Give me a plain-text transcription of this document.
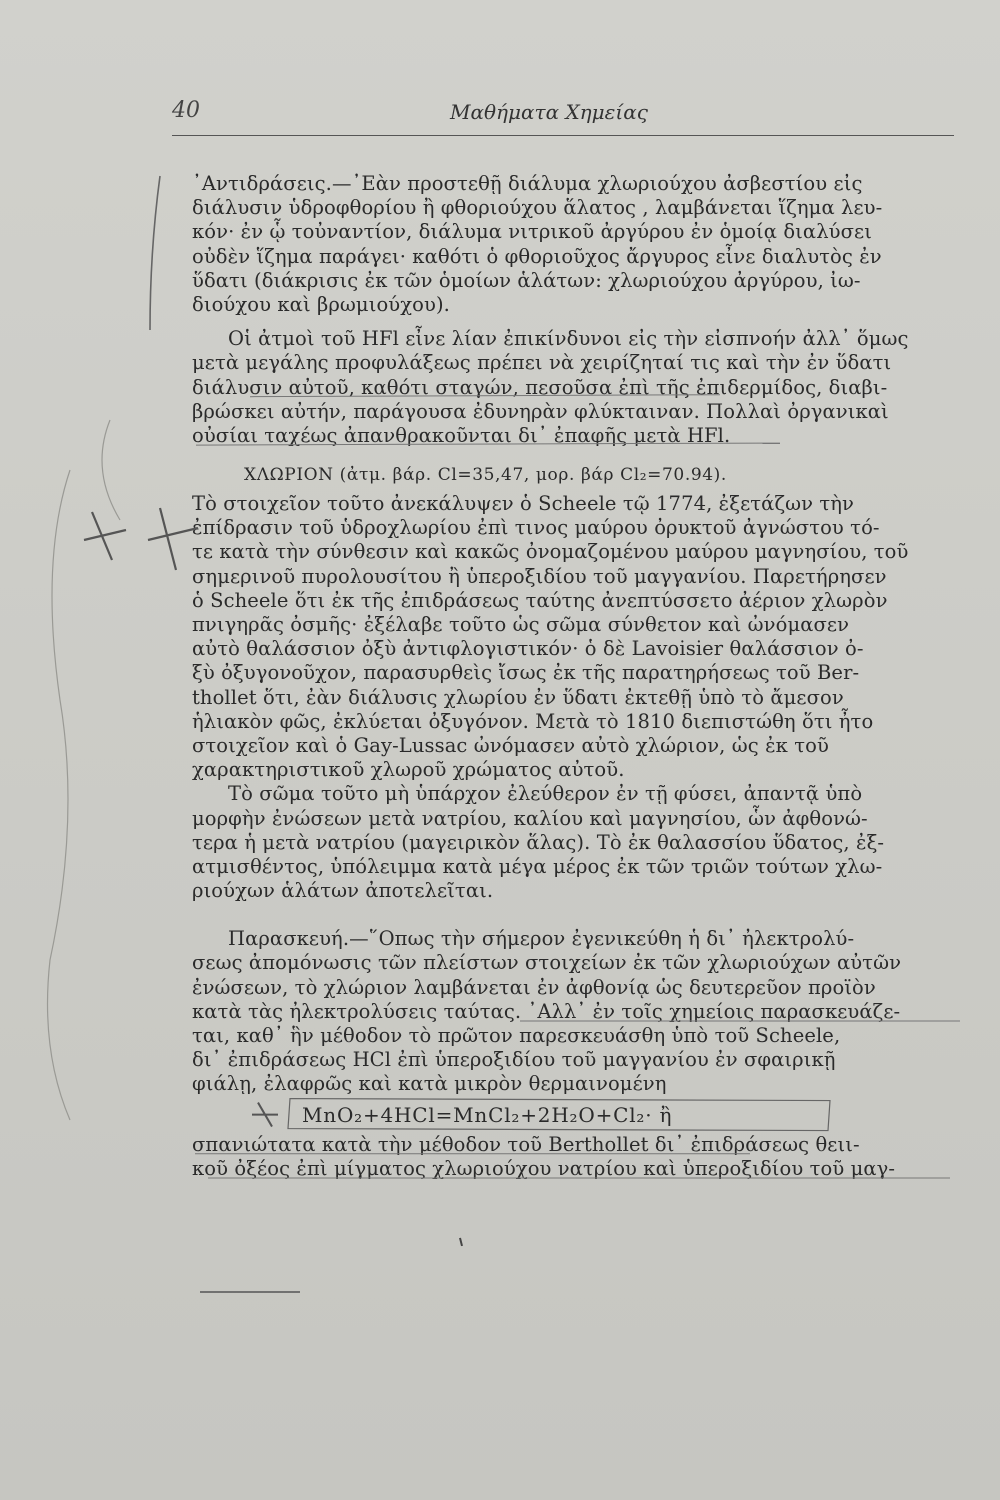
40	Μαθήματα Χημείας
᾿Αντιδράσεις.—᾿Εὰν προστεθῇ διάλυμα χλωριούχου ἀσβεστίου εἰς
διάλυσιν ὑδροφθορίου ἢ φθοριούχου ἅλατος , λαμβάνεται ἵζημα λευ-
κόν· ἐν ᾧ τοὐναντίον, διάλυμα νιτρικοῦ ἀργύρου ἐν ὁμοίᾳ διαλύσει
οὐδὲν ἵζημα παράγει· καθότι ὁ φθοριοῦχος ἄργυρος εἶνε διαλυτὸς ἐν
ὕδατι (διάκρισις ἐκ τῶν ὁμοίων ἁλάτων: χλωριούχου ἀργύρου, ἰω-
διούχου καὶ βρωμιούχου).
Οἱ ἀτμοὶ τοῦ HFl εἶνε λίαν ἐπικίνδυνοι εἰς τὴν εἰσπνοήν ἀλλ᾿ ὅμως
μετὰ μεγάλης προφυλάξεως πρέπει νὰ χειρίζηταί τις καὶ τὴν ἐν ὕδατι
διάλυσιν αὐτοῦ, καθότι σταγών, πεσοῦσα ἐπὶ τῆς ἐπιδερμίδος, διαβι-
βρώσκει αὐτήν, παράγουσα ἐδυνηρὰν φλύκταιναν. Πολλαὶ ὀργανικαὶ
οὐσίαι ταχέως ἀπανθρακοῦνται δι᾿ ἐπαφῆς μετὰ HFl.
ΧΛΩΡΙΟΝ (ἀτμ. βάρ. Cl=35,47, μορ. βάρ Cl₂=70.94).
Τὸ στοιχεῖον τοῦτο ἀνεκάλυψεν ὁ Scheele τῷ 1774, ἐξετάζων τὴν
ἐπίδρασιν τοῦ ὑδροχλωρίου ἐπὶ τινος μαύρου ὀρυκτοῦ ἀγνώστου τό-
τε κατὰ τὴν σύνθεσιν καὶ κακῶς ὀνομαζομένου μαύρου μαγνησίου, τοῦ
σημερινοῦ πυρολουσίτου ἢ ὑπεροξιδίου τοῦ μαγγανίου. Παρετήρησεν
ὁ Scheele ὅτι ἐκ τῆς ἐπιδράσεως ταύτης ἀνεπτύσσετο ἀέριον χλωρὸν
πνιγηρᾶς ὀσμῆς· ἐξέλαβε τοῦτο ὡς σῶμα σύνθετον καὶ ὠνόμασεν
αὐτὸ θαλάσσιον ὀξὺ ἀντιφλογιστικόν· ὁ δὲ Lavoisier θαλάσσιον ὀ-
ξὺ ὀξυγονοῦχον, παρασυρθεὶς ἴσως ἐκ τῆς παρατηρήσεως τοῦ Ber-
thollet ὅτι, ἐὰν διάλυσις χλωρίου ἐν ὕδατι ἐκτεθῇ ὑπὸ τὸ ἄμεσον
ἡλιακὸν φῶς, ἐκλύεται ὀξυγόνον. Μετὰ τὸ 1810 διεπιστώθη ὅτι ἦτο
στοιχεῖον καὶ ὁ Gay-Lussac ὠνόμασεν αὐτὸ χλώριον, ὡς ἐκ τοῦ
χαρακτηριστικοῦ χλωροῦ χρώματος αὐτοῦ.
Τὸ σῶμα τοῦτο μὴ ὑπάρχον ἐλεύθερον ἐν τῇ φύσει, ἀπαντᾷ ὑπὸ
μορφὴν ἐνώσεων μετὰ νατρίου, καλίου καὶ μαγνησίου, ὧν ἀφθονώ-
τερα ἡ μετὰ νατρίου (μαγειρικὸν ἅλας). Τὸ ἐκ θαλασσίου ὕδατος, ἐξ-
ατμισθέντος, ὑπόλειμμα κατὰ μέγα μέρος ἐκ τῶν τριῶν τούτων χλω-
ριούχων ἁλάτων ἀποτελεῖται.
Παρασκευή.—῞Οπως τὴν σήμερον ἐγενικεύθη ἡ δι᾿ ἠλεκτρολύ-
σεως ἀπομόνωσις τῶν πλείστων στοιχείων ἐκ τῶν χλωριούχων αὐτῶν
ἐνώσεων, τὸ χλώριον λαμβάνεται ἐν ἀφθονίᾳ ὡς δευτερεῦον προϊὸν
κατὰ τὰς ἠλεκτρολύσεις ταύτας. ᾿Αλλ᾿ ἐν τοῖς χημείοις παρασκευάζε-
ται, καθ᾿ ἣν μέθοδον τὸ πρῶτον παρεσκευάσθη ὑπὸ τοῦ Scheele,
δι᾿ ἐπιδράσεως HCl ἐπὶ ὑπεροξιδίου τοῦ μαγγανίου ἐν σφαιρικῇ
φιάλῃ, ἐλαφρῶς καὶ κατὰ μικρὸν θερμαινομένη
MnO₂+4HCl=MnCl₂+2H₂O+Cl₂· ἢ
σπανιώτατα κατὰ τὴν μέθοδον τοῦ Berthollet δι᾿ ἐπιδράσεως θειι-
κοῦ ὀξέος ἐπὶ μίγματος χλωριούχου νατρίου καὶ ὑπεροξιδίου τοῦ μαγ-
